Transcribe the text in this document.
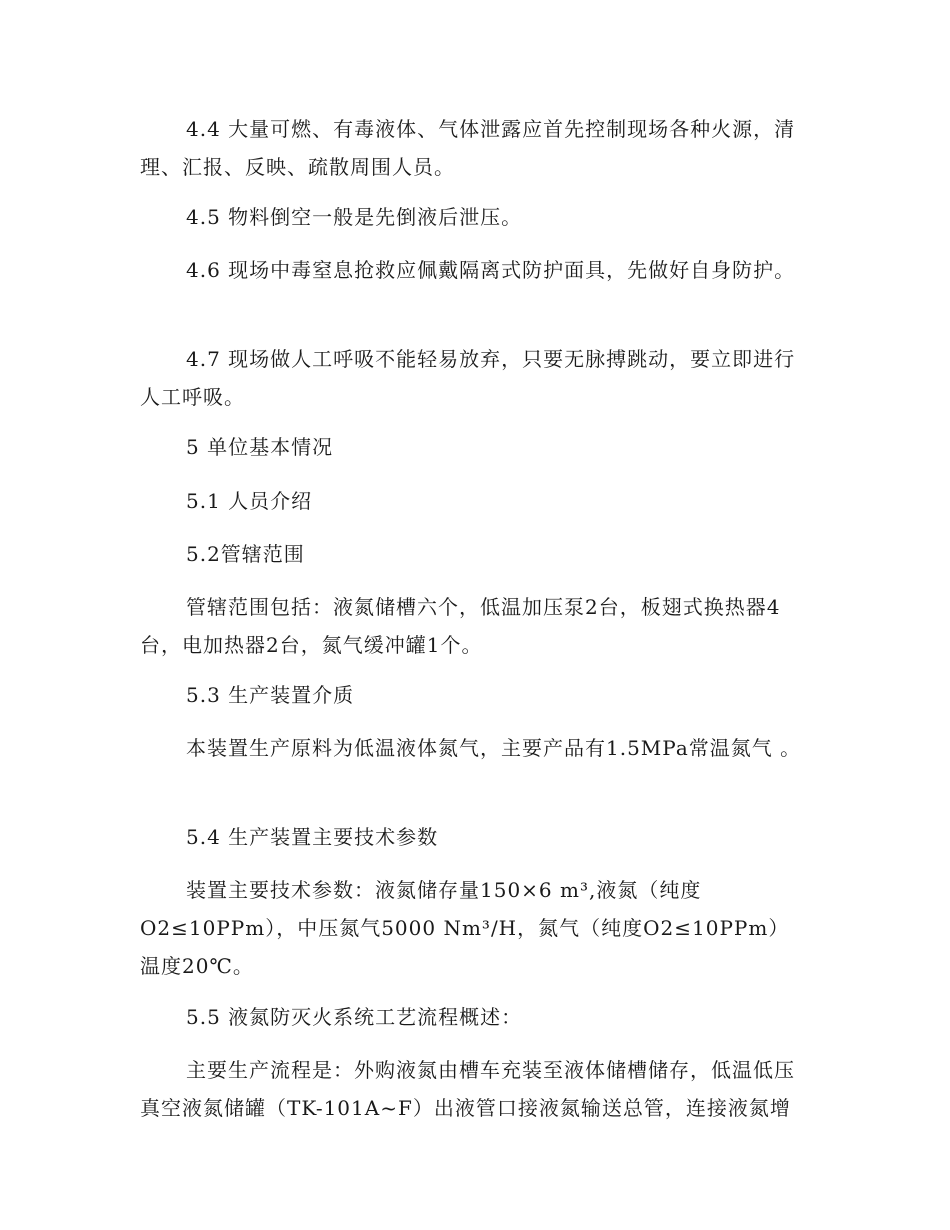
4.4 大量可燃、有毒液体、气体泄露应首先控制现场各种火源，清理、汇报、反映、疏散周围人员。

4.5 物料倒空一般是先倒液后泄压。

4.6 现场中毒窒息抢救应佩戴隔离式防护面具，先做好自身防护。

4.7 现场做人工呼吸不能轻易放弃，只要无脉搏跳动，要立即进行人工呼吸。

5 单位基本情况

5.1 人员介绍

5.2管辖范围

管辖范围包括：液氮储槽六个，低温加压泵2台，板翅式换热器4台，电加热器2台，氮气缓冲罐1个。

5.3 生产装置介质

本装置生产原料为低温液体氮气，主要产品有1.5MPa常温氮气 。

5.4 生产装置主要技术参数

装置主要技术参数：液氮储存量150×6 m³,液氮（纯度O2≤10PPm），中压氮气5000 Nm³/H，氮气（纯度O2≤10PPm）温度20℃。

5.5 液氮防灭火系统工艺流程概述：

主要生产流程是：外购液氮由槽车充装至液体储槽储存，低温低压真空液氮储罐（TK-101A~F）出液管口接液氮输送总管，连接液氮增
